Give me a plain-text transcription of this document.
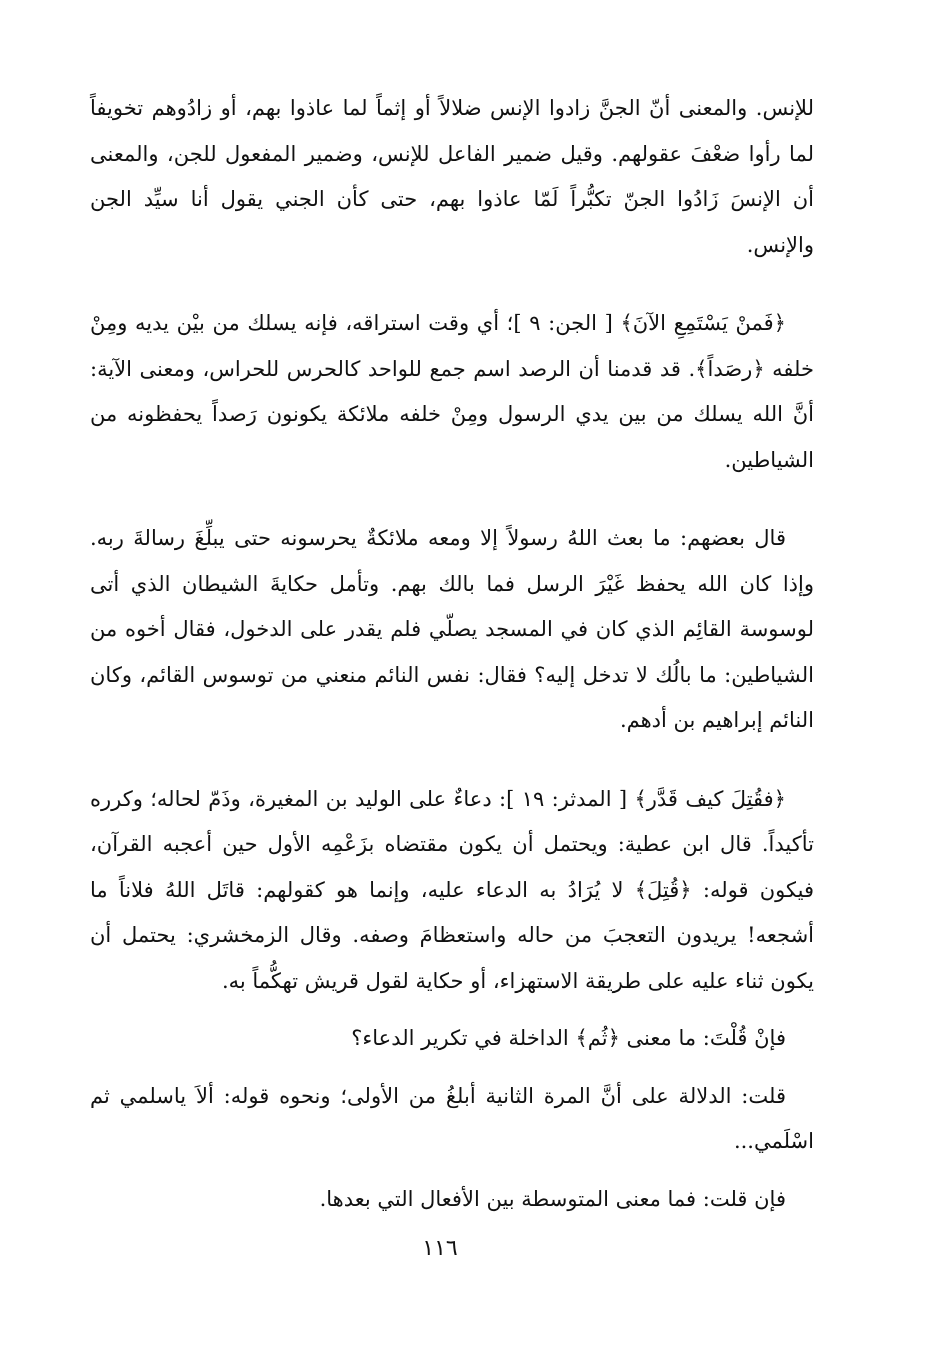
للإنس. والمعنى أنّ الجنَّ زادوا الإنس ضلالاً أو إثماً لما عاذوا بهم، أو زادُوهم تخويفاً لما رأوا ضعْفَ عقولهم. وقيل ضمير الفاعل للإنس، وضمير المفعول للجن، والمعنى أن الإنسَ زَادُوا الجنّ تكبُّراً لَمّا عاذوا بهم، حتى كأن الجني يقول أنا سيِّد الجن والإنس.

﴿فَمنْ يَسْتَمِعِ الآنَ﴾ [ الجن: ٩ ]؛ أي وقت استراقه، فإنه يسلك من بيْن يديه ومِنْ خلفه ﴿رصَداً﴾. قد قدمنا أن الرصد اسم جمع للواحد كالحرس للحراس، ومعنى الآية: أنَّ الله يسلك من بين يدي الرسول ومِنْ خلفه ملائكة يكونون رَصداً يحفظونه من الشياطين.

قال بعضهم: ما بعث اللهُ رسولاً إلا ومعه ملائكةٌ يحرسونه حتى يبلِّغَ رسالةَ ربه. وإذا كان الله يحفظ غَيْرَ الرسل فما بالك بهم. وتأمل حكايةَ الشيطان الذي أتى لوسوسة القائِم الذي كان في المسجد يصلّي فلم يقدر على الدخول، فقال أخوه من الشياطين: ما بالُك لا تدخل إليه؟ فقال: نفس النائم منعني من توسوس القائم، وكان النائم إبراهيم بن أدهم.

﴿فقُتِلَ كيف قَدَّر﴾ [ المدثر: ١٩ ]: دعاءٌ على الوليد بن المغيرة، وذَمّ لحاله؛ وكرره تأكيداً. قال ابن عطية: ويحتمل أن يكون مقتضاه بزَعْمِه الأول حين أعجبه القرآن، فيكون قوله: ﴿قُتِلَ﴾ لا يُرَادُ به الدعاء عليه، وإنما هو كقولهم: قاتَل اللهُ فلاناً ما أشجعه! يريدون التعجبَ من حاله واستعظامَ وصفه. وقال الزمخشري: يحتمل أن يكون ثناء عليه على طريقة الاستهزاء، أو حكاية لقول قريش تهكُّماً به.

فإنْ قُلْتَ: ما معنى ﴿ثُم﴾ الداخلة في تكرير الدعاء؟

قلت: الدلالة على أنَّ المرة الثانية أبلغُ من الأولى؛ ونحوه قوله: ألاَ ياسلمي ثم اسْلَمي...

فإن قلت: فما معنى المتوسطة بين الأفعال التي بعدها.

١١٦
